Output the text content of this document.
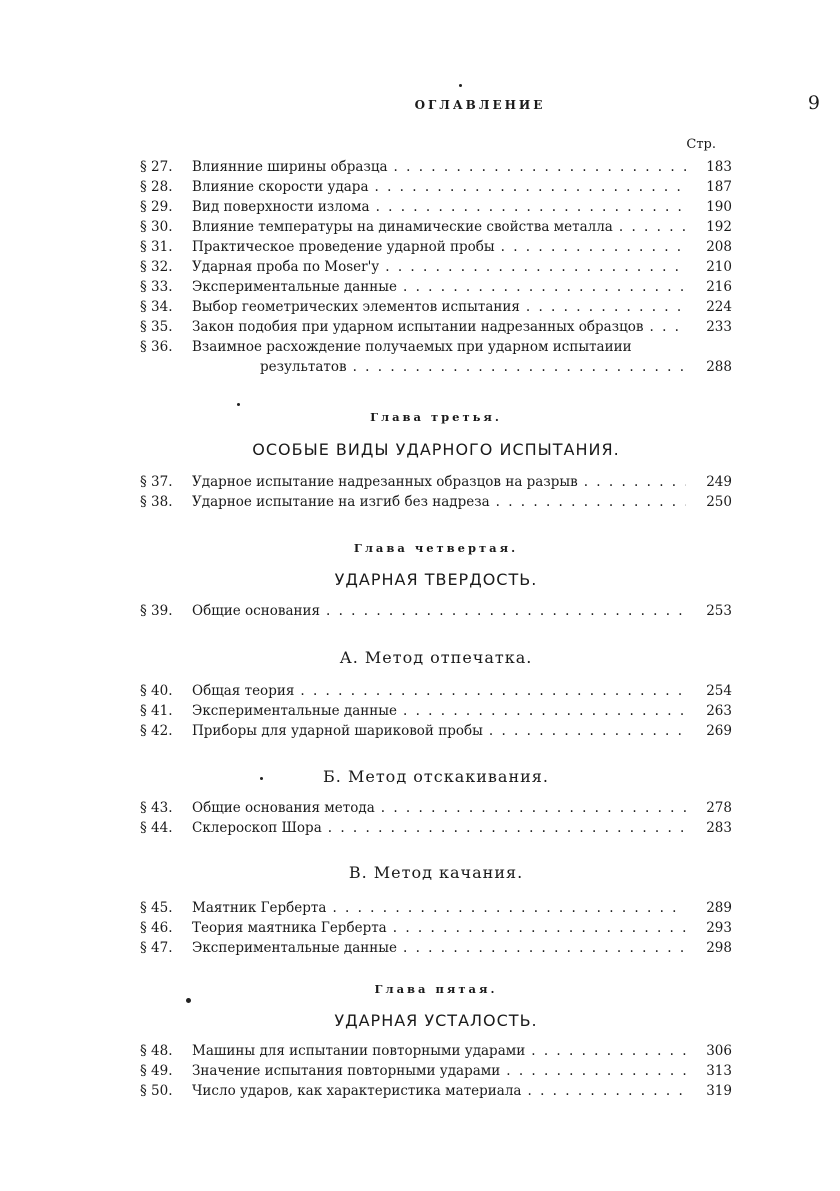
ОГЛАВЛЕНИЕ	9
Стр.
§ 27.	Влиянние ширины образца . . .	183
§ 28.	Влияние скорости удара . . .	187
§ 29.	Вид поверхности излома . . .	190
§ 30.	Влияние температуры на динамические свойства металла . . .	192
§ 31.	Практическое проведение ударной пробы . . .	208
§ 32.	Ударная проба по Moser'у . . .	210
§ 33.	Экспериментальные данные . . .	216
§ 34.	Выбор геометрических элементов испытания . . .	224
§ 35.	Закон подобия при ударном испытании надрезанных образцов . . .	233
§ 36.	Взаимное расхождение получаемых при ударном испытаиии
результатов . . .	288
Глава третья.
ОСОБЫЕ ВИДЫ УДАРНОГО ИСПЫТАНИЯ.
§ 37.	Ударное испытание надрезанных образцов на разрыв . . .	249
§ 38.	Ударное испытание на изгиб без надреза . . .	250
Глава четвертая.
УДАРНАЯ ТВЕРДОСТЬ.
§ 39.	Общие основания . . .	253
А. Метод отпечатка.
§ 40.	Общая теория . . .	254
§ 41.	Экспериментальные данные . . .	263
§ 42.	Приборы для ударной шариковой пробы . . .	269
Б. Метод отскакивания.
§ 43.	Общие основания метода . . .	278
§ 44.	Склероскоп Шора . . .	283
В. Метод качания.
§ 45.	Маятник Герберта . . .	289
§ 46.	Теория маятника Герберта . . .	293
§ 47.	Экспериментальные данные . . .	298
Глава пятая.
УДАРНАЯ УСТАЛОСТЬ.
§ 48.	Машины для испытании повторными ударами . . .	306
§ 49.	Значение испытания повторными ударами . . .	313
§ 50.	Число ударов, как характеристика материала . . .	319
